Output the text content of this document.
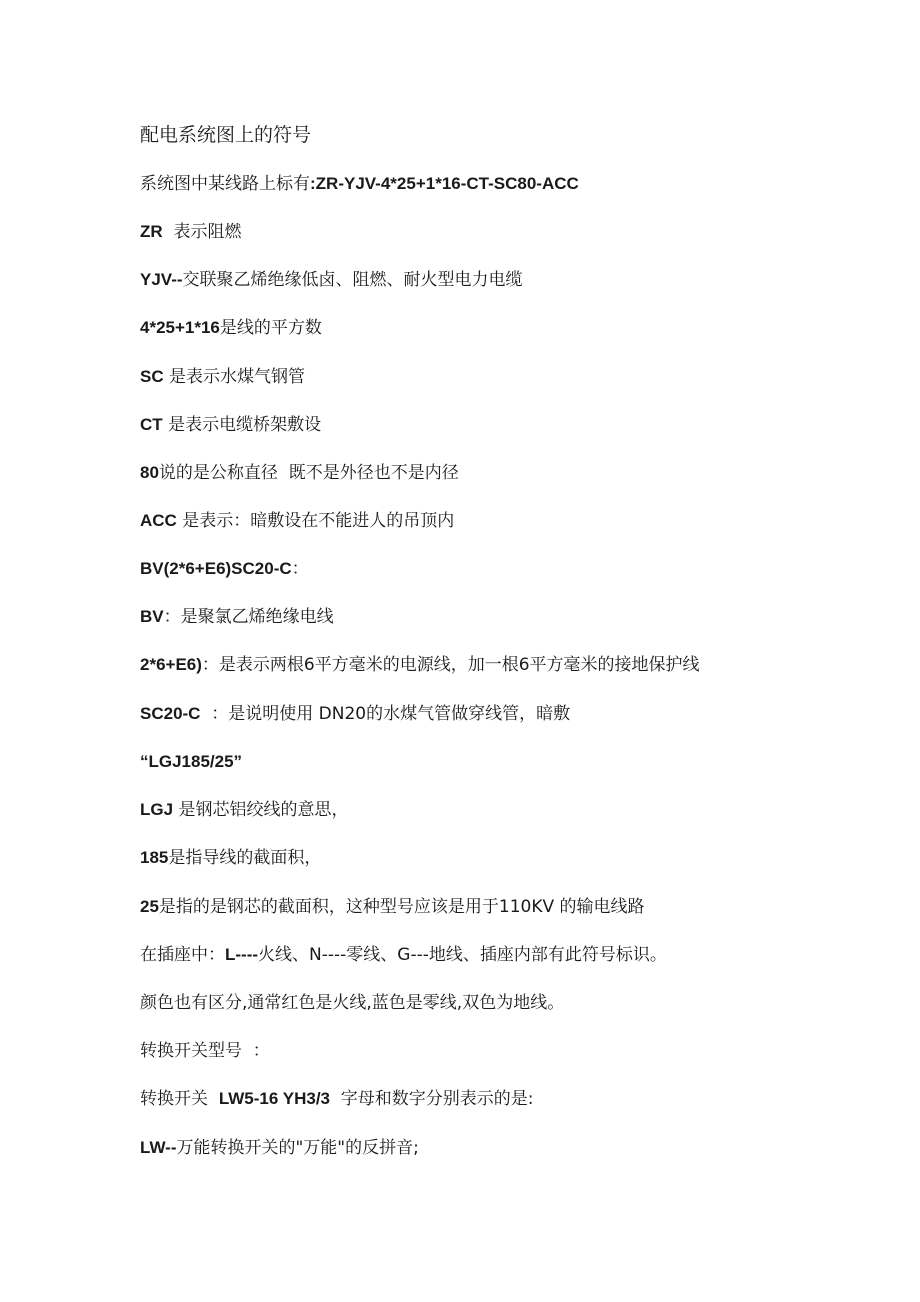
配电系统图上的符号

系统图中某线路上标有:ZR-YJV-4*25+1*16-CT-SC80-ACC

ZR  表示阻燃

YJV--交联聚乙烯绝缘低卤、阻燃、耐火型电力电缆

4*25+1*16是线的平方数

SC 是表示水煤气钢管

CT 是表示电缆桥架敷设

80说的是公称直径  既不是外径也不是内径

ACC 是表示：暗敷设在不能进人的吊顶内

BV(2*6+E6)SC20-C：

BV：是聚氯乙烯绝缘电线

2*6+E6)：是表示两根6平方毫米的电源线，加一根6平方毫米的接地保护线

SC20-C  ：是说明使用 DN20的水煤气管做穿线管，暗敷

“LGJ185/25”

LGJ 是钢芯铝绞线的意思，

185是指导线的截面积，

25是指的是钢芯的截面积，这种型号应该是用于110KV 的输电线路

在插座中：L----火线、N----零线、G---地线、插座内部有此符号标识。

颜色也有区分,通常红色是火线,蓝色是零线,双色为地线。

转换开关型号  ：

转换开关  LW5-16 YH3/3  字母和数字分别表示的是:

LW--万能转换开关的"万能"的反拼音;
